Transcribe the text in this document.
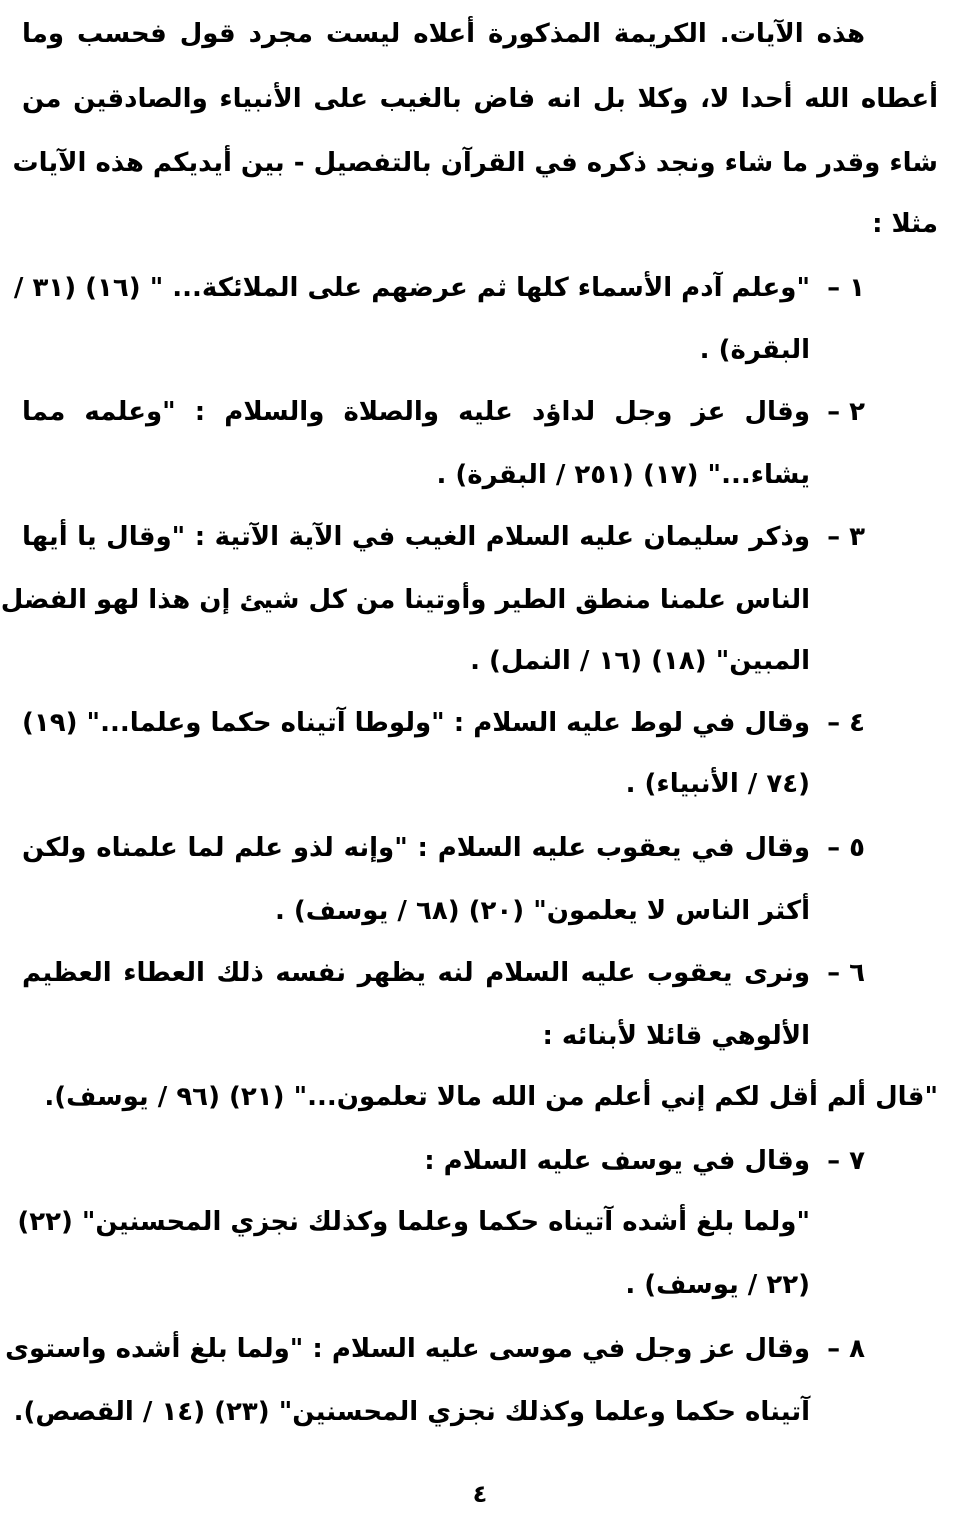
هذه الآيات. الكريمة المذكورة أعلاه ليست مجرد قول فحسب وما
أعطاه الله أحدا لا، وكلا بل انه فاض بالغيب على الأنبياء والصادقين من
شاء وقدر ما شاء ونجد ذكره في القرآن بالتفصيل - بين أيديكم هذه الآيات
مثلا :
١ –
"وعلم آدم الأسماء كلها ثم عرضهم على الملائكة... " (١٦) (٣١ /
البقرة) .
٢ –
وقال عز وجل لداؤد عليه والصلاة والسلام : "وعلمه مما
يشاء..." (١٧) (٢٥١ / البقرة) .
٣ –
وذكر سليمان عليه السلام الغيب في الآية الآتية : "وقال يا أيها
الناس علمنا منطق الطير وأوتينا من كل شيئ إن هذا لهو الفضل
المبين" (١٨) (١٦ / النمل) .
٤ –
وقال في لوط عليه السلام : "ولوطا آتيناه حكما وعلما..." (١٩)
(٧٤ / الأنبياء) .
٥ –
وقال في يعقوب عليه السلام : "وإنه لذو علم لما علمناه ولكن
أكثر الناس لا يعلمون" (٢٠) (٦٨ / يوسف) .
٦ –
ونرى يعقوب عليه السلام لنه يظهر نفسه ذلك العطاء العظيم
الألوهي قائلا لأبنائه :
"قال ألم أقل لكم إني أعلم من الله مالا تعلمون..." (٢١) (٩٦ / يوسف).
٧ –
وقال في يوسف عليه السلام :
"ولما بلغ أشده آتيناه حكما وعلما وكذلك نجزي المحسنين" (٢٢)
(٢٢ / يوسف) .
٨ –
وقال عز وجل في موسى عليه السلام : "ولما بلغ أشده واستوى
آتيناه حكما وعلما وكذلك نجزي المحسنين" (٢٣) (١٤ / القصص).
٤
